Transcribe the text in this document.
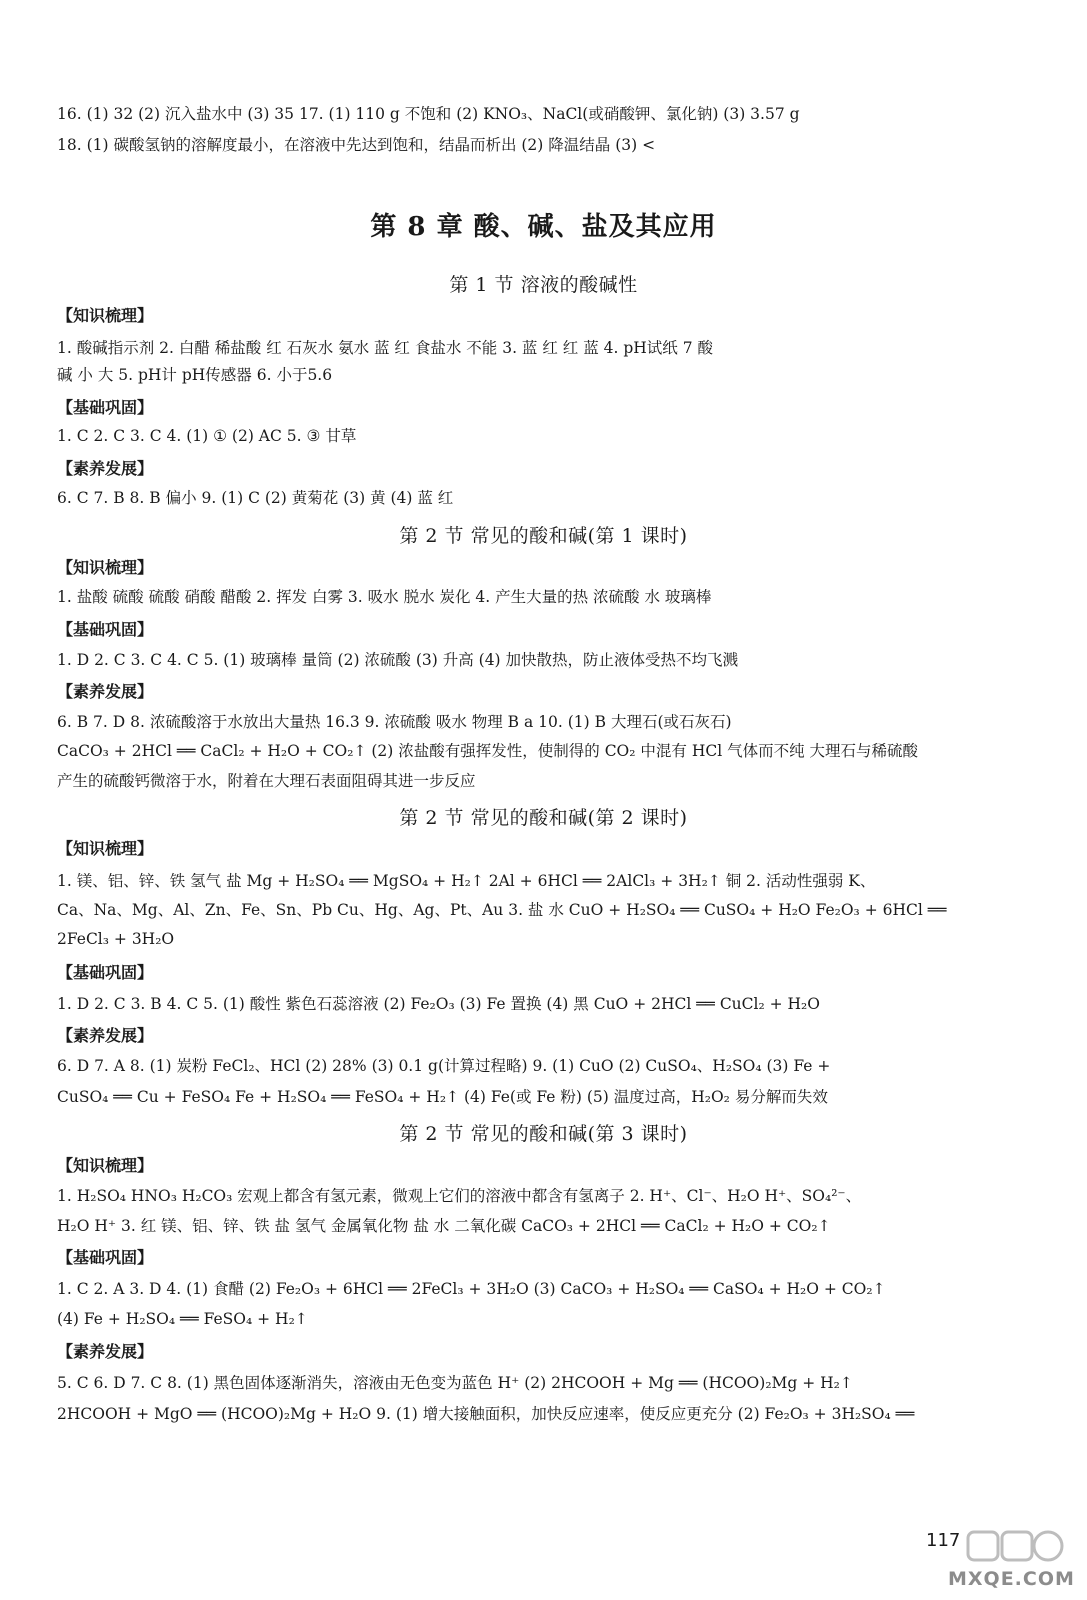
16. (1) 32 (2) 沉入盐水中 (3) 35 17. (1) 110 g 不饱和 (2) KNO₃、NaCl(或硝酸钾、氯化钠) (3) 3.57 g
18. (1) 碳酸氢钠的溶解度最小，在溶液中先达到饱和，结晶而析出 (2) 降温结晶 (3) <
第 8 章 酸、碱、盐及其应用
第 1 节 溶液的酸碱性
【知识梳理】
1. 酸碱指示剂 2. 白醋 稀盐酸 红 石灰水 氨水 蓝 红 食盐水 不能 3. 蓝 红 红 蓝 4. pH试纸 7 酸
碱 小 大 5. pH计 pH传感器 6. 小于5.6
【基础巩固】
1. C 2. C 3. C 4. (1) ① (2) AC 5. ③ 甘草
【素养发展】
6. C 7. B 8. B 偏小 9. (1) C (2) 黄菊花 (3) 黄 (4) 蓝 红
第 2 节 常见的酸和碱(第 1 课时)
【知识梳理】
1. 盐酸 硫酸 硫酸 硝酸 醋酸 2. 挥发 白雾 3. 吸水 脱水 炭化 4. 产生大量的热 浓硫酸 水 玻璃棒
【基础巩固】
1. D 2. C 3. C 4. C 5. (1) 玻璃棒 量筒 (2) 浓硫酸 (3) 升高 (4) 加快散热，防止液体受热不均飞溅
【素养发展】
6. B 7. D 8. 浓硫酸溶于水放出大量热 16.3 9. 浓硫酸 吸水 物理 B a 10. (1) B 大理石(或石灰石)
CaCO₃ + 2HCl ══ CaCl₂ + H₂O + CO₂↑ (2) 浓盐酸有强挥发性，使制得的 CO₂ 中混有 HCl 气体而不纯 大理石与稀硫酸
产生的硫酸钙微溶于水，附着在大理石表面阻碍其进一步反应
第 2 节 常见的酸和碱(第 2 课时)
【知识梳理】
1. 镁、铝、锌、铁 氢气 盐 Mg + H₂SO₄ ══ MgSO₄ + H₂↑ 2Al + 6HCl ══ 2AlCl₃ + 3H₂↑ 铜 2. 活动性强弱 K、
Ca、Na、Mg、Al、Zn、Fe、Sn、Pb Cu、Hg、Ag、Pt、Au 3. 盐 水 CuO + H₂SO₄ ══ CuSO₄ + H₂O Fe₂O₃ + 6HCl ══
2FeCl₃ + 3H₂O
【基础巩固】
1. D 2. C 3. B 4. C 5. (1) 酸性 紫色石蕊溶液 (2) Fe₂O₃ (3) Fe 置换 (4) 黑 CuO + 2HCl ══ CuCl₂ + H₂O
【素养发展】
6. D 7. A 8. (1) 炭粉 FeCl₂、HCl (2) 28% (3) 0.1 g(计算过程略) 9. (1) CuO (2) CuSO₄、H₂SO₄ (3) Fe +
CuSO₄ ══ Cu + FeSO₄ Fe + H₂SO₄ ══ FeSO₄ + H₂↑ (4) Fe(或 Fe 粉) (5) 温度过高，H₂O₂ 易分解而失效
第 2 节 常见的酸和碱(第 3 课时)
【知识梳理】
1. H₂SO₄ HNO₃ H₂CO₃ 宏观上都含有氢元素，微观上它们的溶液中都含有氢离子 2. H⁺、Cl⁻、H₂O H⁺、SO₄²⁻、
H₂O H⁺ 3. 红 镁、铝、锌、铁 盐 氢气 金属氧化物 盐 水 二氧化碳 CaCO₃ + 2HCl ══ CaCl₂ + H₂O + CO₂↑
【基础巩固】
1. C 2. A 3. D 4. (1) 食醋 (2) Fe₂O₃ + 6HCl ══ 2FeCl₃ + 3H₂O (3) CaCO₃ + H₂SO₄ ══ CaSO₄ + H₂O + CO₂↑
(4) Fe + H₂SO₄ ══ FeSO₄ + H₂↑
【素养发展】
5. C 6. D 7. C 8. (1) 黑色固体逐渐消失，溶液由无色变为蓝色 H⁺ (2) 2HCOOH + Mg ══ (HCOO)₂Mg + H₂↑
2HCOOH + MgO ══ (HCOO)₂Mg + H₂O 9. (1) 增大接触面积，加快反应速率，使反应更充分 (2) Fe₂O₃ + 3H₂SO₄ ══
117
MXQE.COM
